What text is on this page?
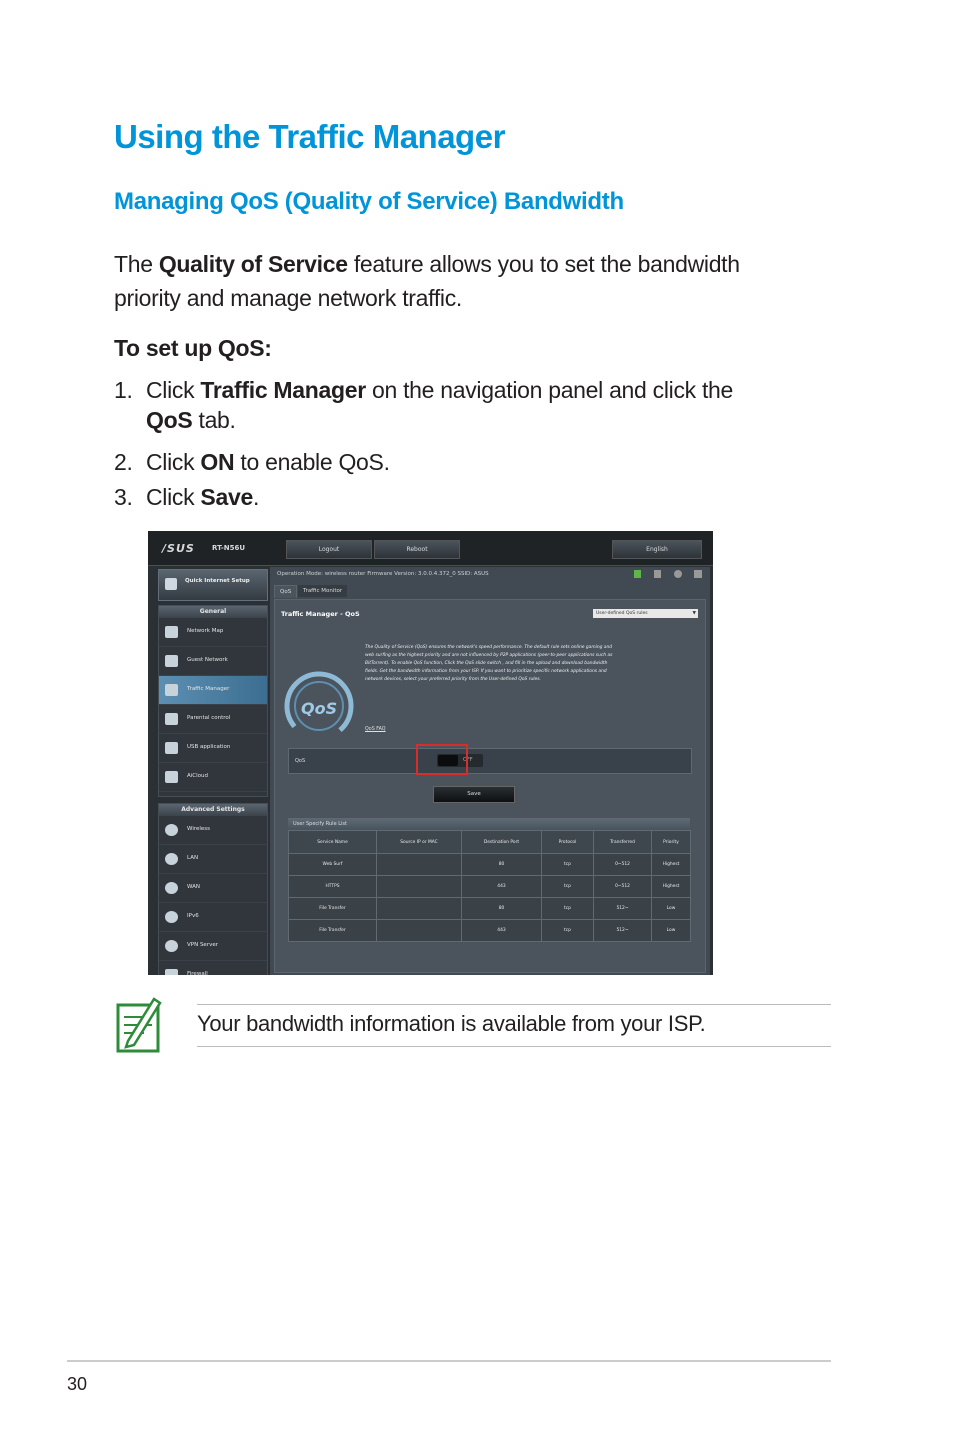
Using the Traffic Manager
Managing QoS (Quality of Service) Bandwidth
The Quality of Service feature allows you to set the bandwidth
priority and manage network traffic.
To set up QoS:
1. Click Traffic Manager on the navigation panel and click the
QoS tab.
2. Click ON to enable QoS.
3. Click Save.
/SUS RT-N56U	Logout	Reboot	English
Quick Internet Setup
General
Network Map
Guest Network
Traffic Manager
Parental control
USB application
AiCloud
Advanced Settings
Wireless
LAN
WAN
IPv6
VPN Server
Firewall
Operation Mode: wireless router Firmware Version: 3.0.0.4.372_0 SSID: ASUS
QoS	Traffic Monitor
Traffic Manager - QoS	User-defined QoS rules	▼
QoS
The Quality of Service (QoS) ensures the network's speed performance. The default rule sets online gaming and web surfing as the highest priority and are not influenced by P2P applications (peer-to-peer applications such as BitTorrent). To enable QoS function, Click the QoS slide switch , and fill in the upload and download bandwidth fields. Get the bandwidth information from your ISP. If you want to prioritize specific network applications and network devices, select your preferred priority from the User-defined QoS rules.
QoS FAQ
QoS	OFF
Save
User Specify Rule List
Service Name	Source IP or MAC	Destination Port	Protocol	Transferred	Priority
Web Surf		80	tcp	0~512	Highest
HTTPS		443	tcp	0~512	Highest
File Transfer		80	tcp	512~	Low
File Transfer		443	tcp	512~	Low
Your bandwidth information is available from your ISP.
30
